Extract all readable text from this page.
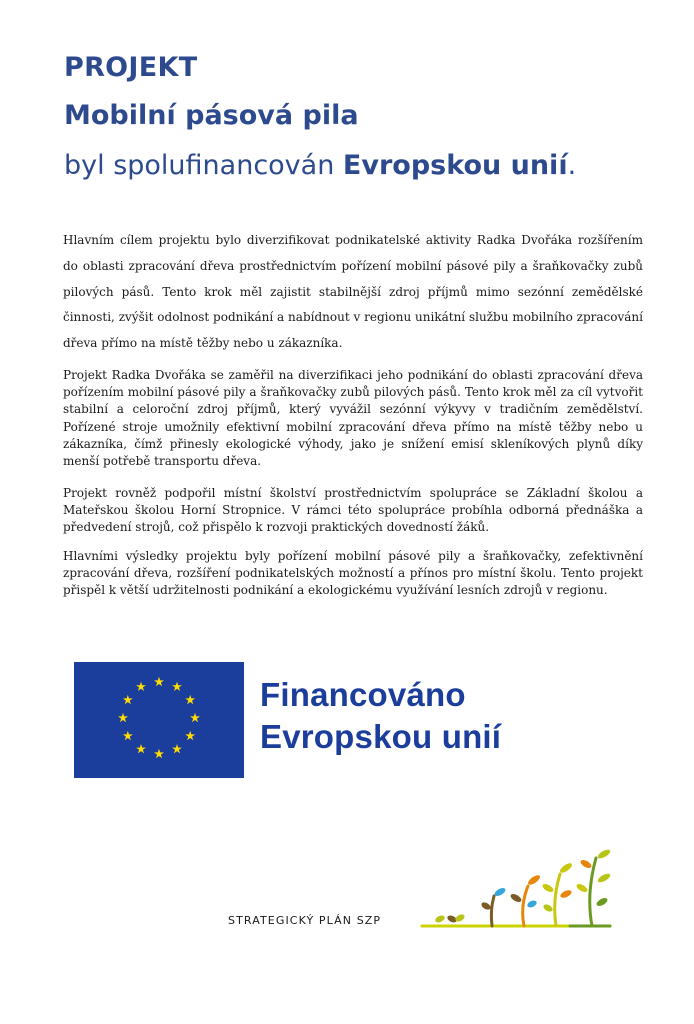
PROJEKT
Mobilní pásová pila
byl spolufinancován Evropskou unií.

Hlavním cílem projektu bylo diverzifikovat podnikatelské aktivity Radka Dvořáka rozšířením do oblasti zpracování dřeva prostřednictvím pořízení mobilní pásové pily a šraňkovačky zubů pilových pásů. Tento krok měl zajistit stabilnější zdroj příjmů mimo sezónní zemědělské činnosti, zvýšit odolnost podnikání a nabídnout v regionu unikátní službu mobilního zpracování dřeva přímo na místě těžby nebo u zákazníka.

Projekt Radka Dvořáka se zaměřil na diverzifikaci jeho podnikání do oblasti zpracování dřeva pořízením mobilní pásové pily a šraňkovačky zubů pilových pásů. Tento krok měl za cíl vytvořit stabilní a celoroční zdroj příjmů, který vyvážil sezónní výkyvy v tradičním zemědělství. Pořízené stroje umožnily efektivní mobilní zpracování dřeva přímo na místě těžby nebo u zákazníka, čímž přinesly ekologické výhody, jako je snížení emisí skleníkových plynů díky menší potřebě transportu dřeva.

Projekt rovněž podpořil místní školství prostřednictvím spolupráce se Základní školou a Mateřskou školou Horní Stropnice. V rámci této spolupráce probíhla odborná přednáška a předvedení strojů, což přispělo k rozvoji praktických dovedností žáků.

Hlavními výsledky projektu byly pořízení mobilní pásové pily a šraňkovačky, zefektivnění zpracování dřeva, rozšíření podnikatelských možností a přínos pro místní školu. Tento projekt přispěl k větší udržitelnosti podnikání a ekologickému využívání lesních zdrojů v regionu.

Financováno
Evropskou unií
STRATEGICKÝ PLÁN SZP
